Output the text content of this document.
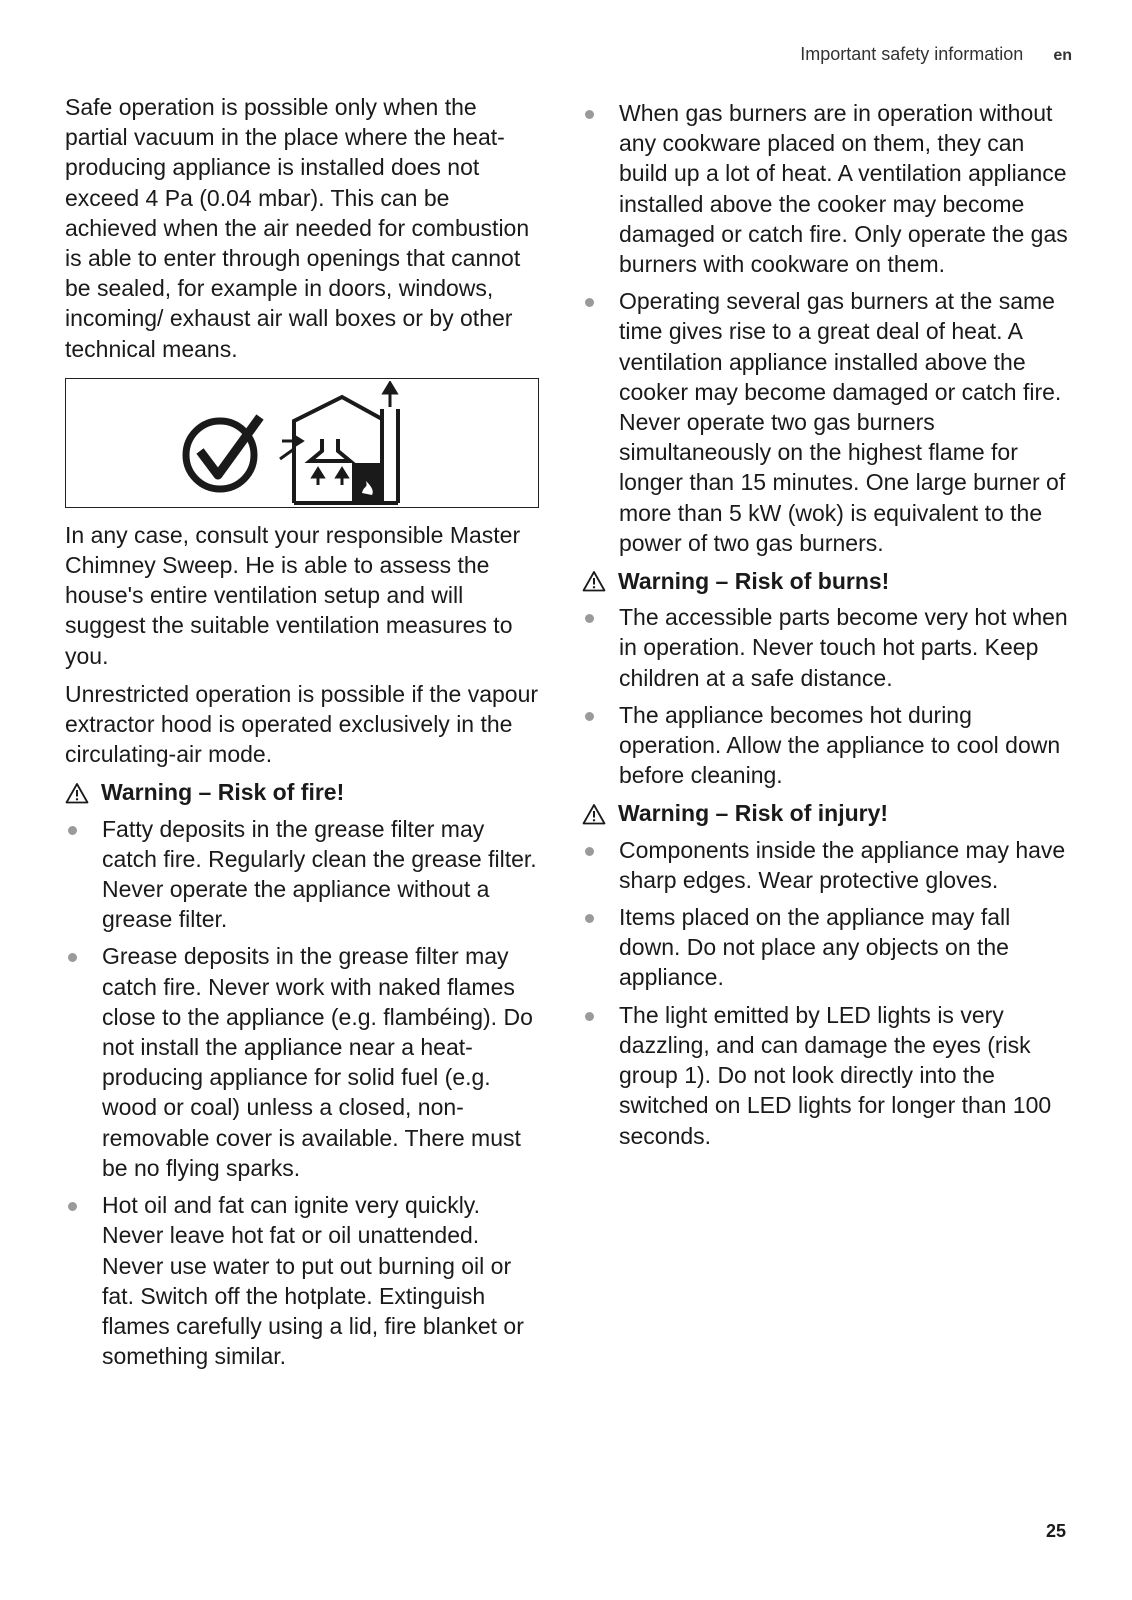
Important safety information en

Safe operation is possible only when the partial vacuum in the place where the heat-producing appliance is installed does not exceed 4 Pa (0.04 mbar). This can be achieved when the air needed for combustion is able to enter through openings that cannot be sealed, for example in doors, windows, incoming/ exhaust air wall boxes or by other technical means.

In any case, consult your responsible Master Chimney Sweep. He is able to assess the house's entire ventilation setup and will suggest the suitable ventilation measures to you.

Unrestricted operation is possible if the vapour extractor hood is operated exclusively in the circulating-air mode.

Warning – Risk of fire!
Fatty deposits in the grease filter may catch fire. Regularly clean the grease filter. Never operate the appliance without a grease filter.
Grease deposits in the grease filter may catch fire. Never work with naked flames close to the appliance (e.g. flambéing). Do not install the appliance near a heat-producing appliance for solid fuel (e.g. wood or coal) unless a closed, non-removable cover is available. There must be no flying sparks.
Hot oil and fat can ignite very quickly. Never leave hot fat or oil unattended. Never use water to put out burning oil or fat. Switch off the hotplate. Extinguish flames carefully using a lid, fire blanket or something similar.
When gas burners are in operation without any cookware placed on them, they can build up a lot of heat. A ventilation appliance installed above the cooker may become damaged or catch fire. Only operate the gas burners with cookware on them.
Operating several gas burners at the same time gives rise to a great deal of heat. A ventilation appliance installed above the cooker may become damaged or catch fire. Never operate two gas burners simultaneously on the highest flame for longer than 15 minutes. One large burner of more than 5 kW (wok) is equivalent to the power of two gas burners.
Warning – Risk of burns!
The accessible parts become very hot when in operation. Never touch hot parts. Keep children at a safe distance.
The appliance becomes hot during operation. Allow the appliance to cool down before cleaning.
Warning – Risk of injury!
Components inside the appliance may have sharp edges. Wear protective gloves.
Items placed on the appliance may fall down. Do not place any objects on the appliance.
The light emitted by LED lights is very dazzling, and can damage the eyes (risk group 1). Do not look directly into the switched on LED lights for longer than 100 seconds.
25
